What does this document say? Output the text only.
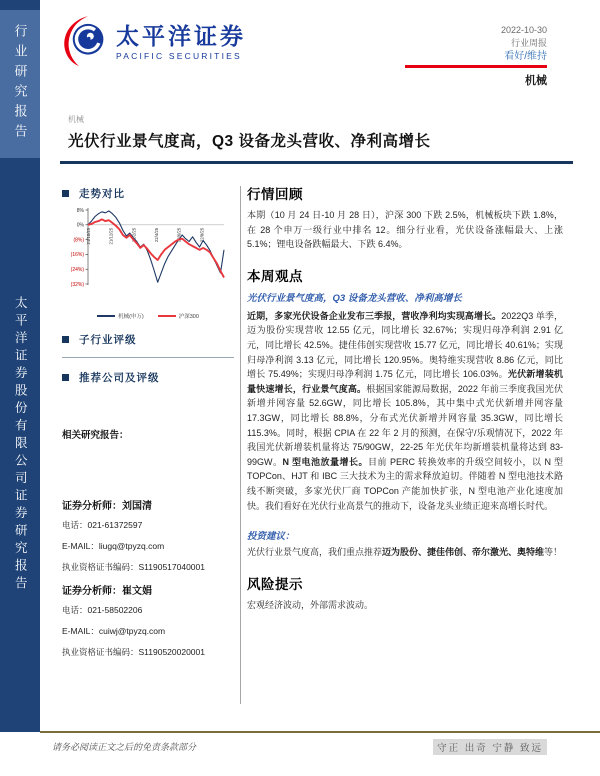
行业研究报告
太平洋证券股份有限公司证券研究报告
太平洋证券
PACIFIC SECURITIES
2022-10-30
行业周报
看好/维持
机械
机械
光伏行业景气度高，Q3 设备龙头营收、净利高增长
走势对比
8%
0%
(8%)
(16%)
(24%)
(32%)
21/10/25	21/12/25	22/2/25	22/4/25	22/6/25	22/8/25
机械(申万)	沪深300
子行业评级
推荐公司及评级
相关研究报告：
证券分析师：刘国清
电话：021-61372597
E-MAIL：liugq@tpyzq.com
执业资格证书编码：S1190517040001
证券分析师：崔文娟
电话：021-58502206
E-MAIL：cuiwj@tpyzq.com
执业资格证书编码：S1190520020001
行情回顾

本期（10 月 24 日-10 月 28 日），沪深 300 下跌 2.5%，机械板块下跌 1.8%，在 28 个申万一级行业中排名 12。细分行业看，光伏设备涨幅最大、上涨 5.1%；锂电设备跌幅最大、下跌 6.4%。

本周观点
光伏行业景气度高，Q3 设备龙头营收、净利高增长

近期，多家光伏设备企业发布三季报，营收净利均实现高增长。2022Q3 单季，迈为股份实现营收 12.55 亿元，同比增长 32.67%；实现归母净利润 2.91 亿元，同比增长 42.5%。捷佳伟创实现营收 15.77 亿元，同比增长 40.61%；实现归母净利润 3.13 亿元，同比增长 120.95%。奥特维实现营收 8.86 亿元，同比增长 75.49%；实现归母净利润 1.75 亿元，同比增长 106.03%。光伏新增装机量快速增长，行业景气度高。根据国家能源局数据，2022 年前三季度我国光伏新增并网容量 52.6GW，同比增长 105.8%，其中集中式光伏新增并网容量 17.3GW，同比增长 88.8%，分布式光伏新增并网容量 35.3GW，同比增长 115.3%。同时，根据 CPIA 在 22 年 2 月的预测，在保守/乐观情况下，2022 年我国光伏新增装机量将达 75/90GW，22-25 年光伏年均新增装机量将达到 83-99GW。N 型电池放量增长。目前 PERC 转换效率的升级空间较小，以 N 型 TOPCon、HJT 和 IBC 三大技术为主的需求释放迫切。伴随着 N 型电池技术路线不断突破，多家光伏厂商 TOPCon 产能加快扩张，N 型电池产业化速度加快。我们看好在光伏行业高景气的推动下，设备龙头业绩正迎来高增长时代。

投资建议：

光伏行业景气度高，我们重点推荐迈为股份、捷佳伟创、帝尔激光、奥特维等！

风险提示

宏观经济波动，外部需求波动。

请务必阅读正文之后的免责条款部分	守正 出奇 宁静 致远
